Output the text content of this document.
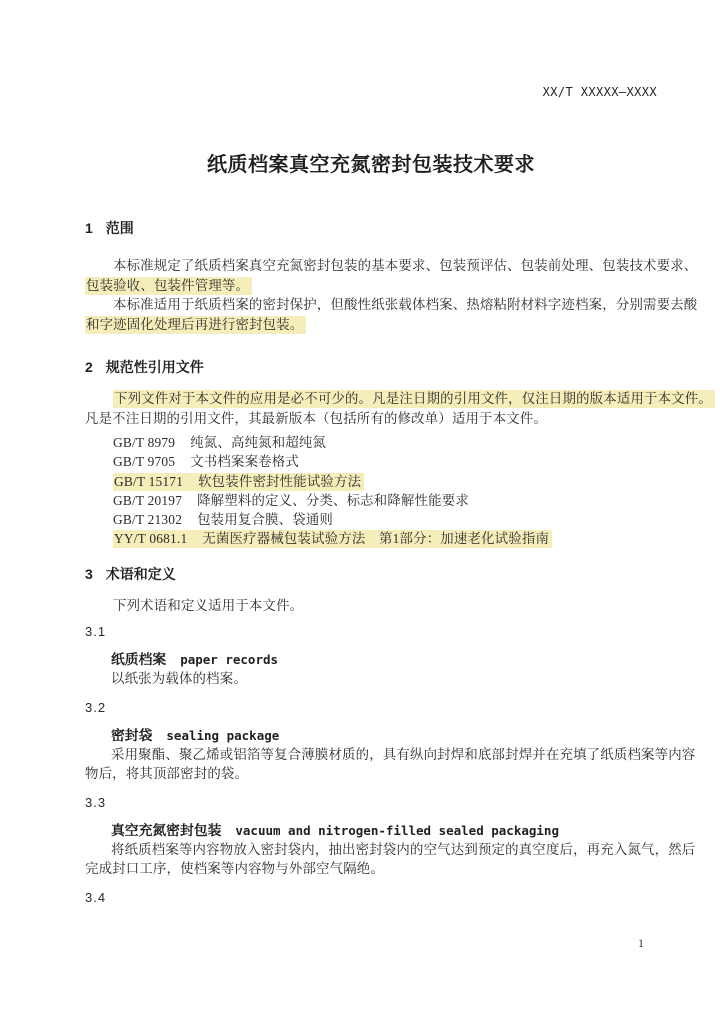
XX/T XXXXX—XXXX
纸质档案真空充氮密封包装技术要求
1 范围
本标准规定了纸质档案真空充氮密封包装的基本要求、包装预评估、包装前处理、包装技术要求、
包装验收、包装件管理等。
本标准适用于纸质档案的密封保护，但酸性纸张载体档案、热熔粘附材料字迹档案，分别需要去酸
和字迹固化处理后再进行密封包装。
2 规范性引用文件
下列文件对于本文件的应用是必不可少的。凡是注日期的引用文件，仅注日期的版本适用于本文件。
凡是不注日期的引用文件，其最新版本（包括所有的修改单）适用于本文件。
GB/T 8979 纯氮、高纯氮和超纯氮
GB/T 9705 文书档案案卷格式
GB/T 15171 软包装件密封性能试验方法
GB/T 20197 降解塑料的定义、分类、标志和降解性能要求
GB/T 21302 包装用复合膜、袋通则
YY/T 0681.1 无菌医疗器械包装试验方法　第1部分：加速老化试验指南
3 术语和定义
下列术语和定义适用于本文件。
3.1
纸质档案 paper records
以纸张为载体的档案。
3.2
密封袋 sealing package
采用聚酯、聚乙烯或铝箔等复合薄膜材质的，具有纵向封焊和底部封焊并在充填了纸质档案等内容
物后，将其顶部密封的袋。
3.3
真空充氮密封包装 vacuum and nitrogen-filled sealed packaging
将纸质档案等内容物放入密封袋内，抽出密封袋内的空气达到预定的真空度后，再充入氮气，然后
完成封口工序，使档案等内容物与外部空气隔绝。
3.4
1
